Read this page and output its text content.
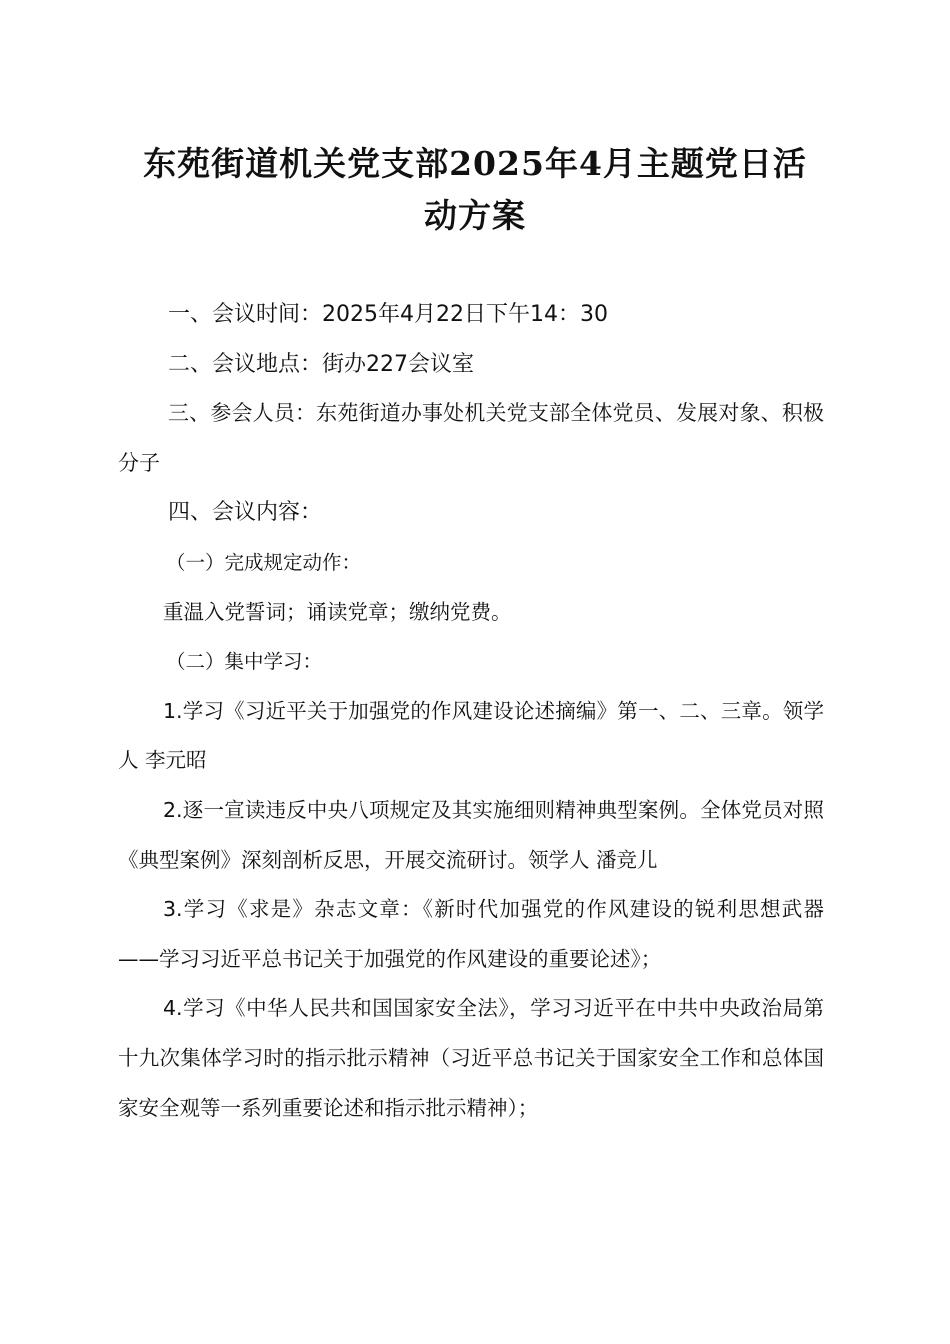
东苑街道机关党支部2025年4月主题党日活
动方案

一、会议时间：2025年4月22日下午14：30

二、会议地点：街办227会议室

三、参会人员：东苑街道办事处机关党支部全体党员、发展对象、积极分子

四、会议内容：

（一）完成规定动作：

重温入党誓词；诵读党章；缴纳党费。

（二）集中学习：

1.学习《习近平关于加强党的作风建设论述摘编》第一、二、三章。领学人 李元昭

2.逐一宣读违反中央八项规定及其实施细则精神典型案例。全体党员对照《典型案例》深刻剖析反思，开展交流研讨。领学人 潘竞儿

3.学习《求是》杂志文章：《新时代加强党的作风建设的锐利思想武器——学习习近平总书记关于加强党的作风建设的重要论述》；

4.学习《中华人民共和国国家安全法》，学习习近平在中共中央政治局第十九次集体学习时的指示批示精神（习近平总书记关于国家安全工作和总体国家安全观等一系列重要论述和指示批示精神）；
